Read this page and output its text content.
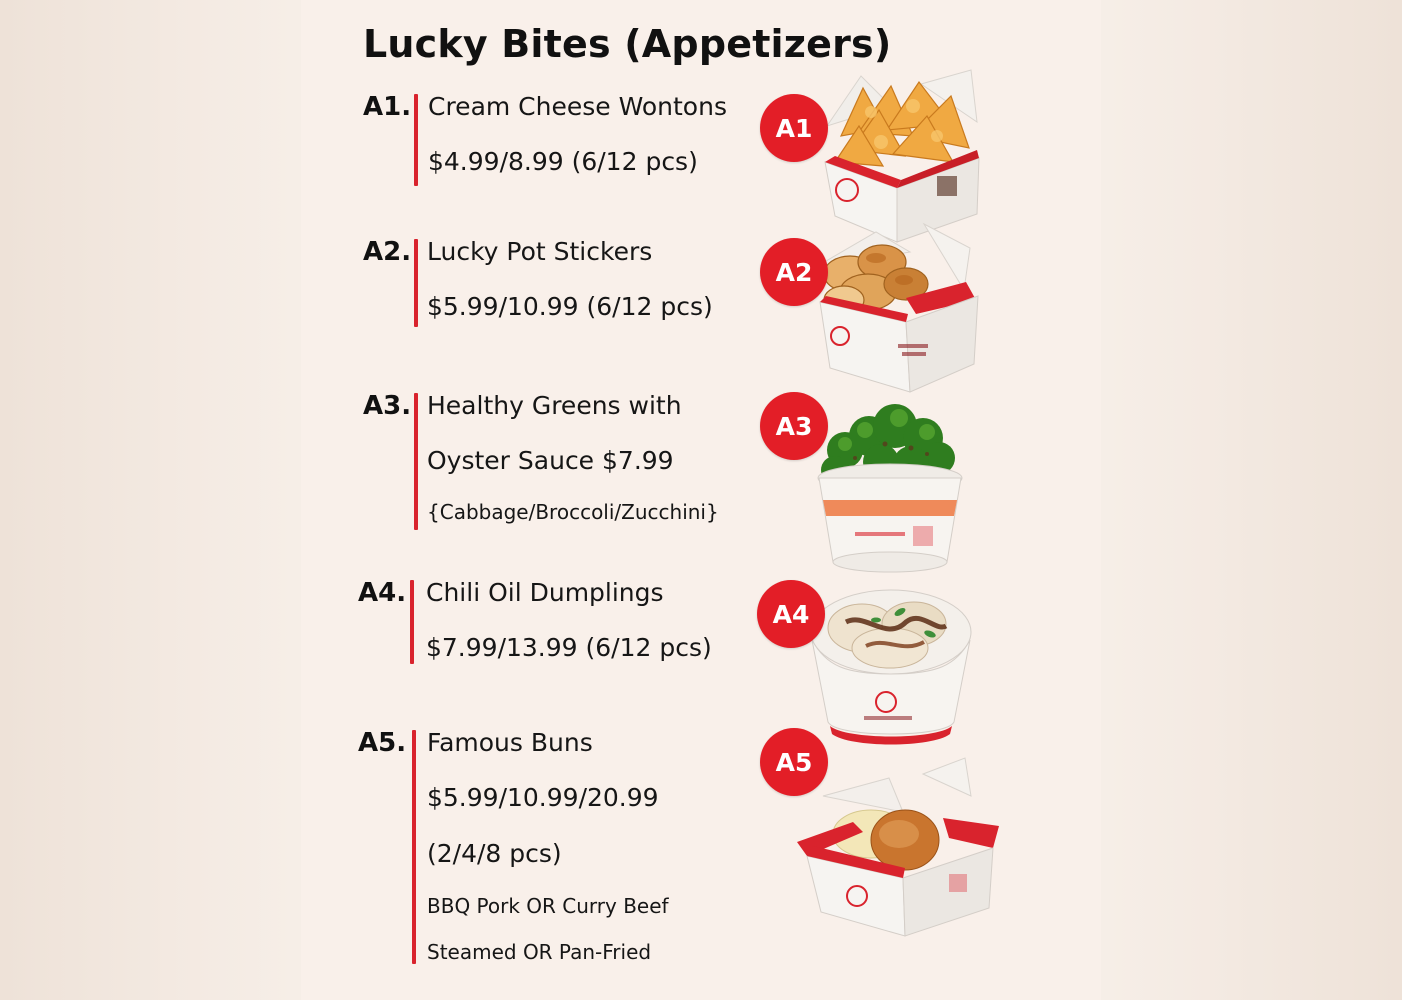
Lucky Bites (Appetizers)
A1. Cream Cheese Wontons
$4.99/8.99 (6/12 pcs)
A2. Lucky Pot Stickers
$5.99/10.99 (6/12 pcs)
A3. Healthy Greens with
Oyster Sauce $7.99
{Cabbage/Broccoli/Zucchini}
A4. Chili Oil Dumplings
$7.99/13.99 (6/12 pcs)
A5. Famous Buns
$5.99/10.99/20.99
(2/4/8 pcs)
BBQ Pork OR Curry Beef
Steamed OR Pan-Fried
A1
A2
A3
A4
A5
